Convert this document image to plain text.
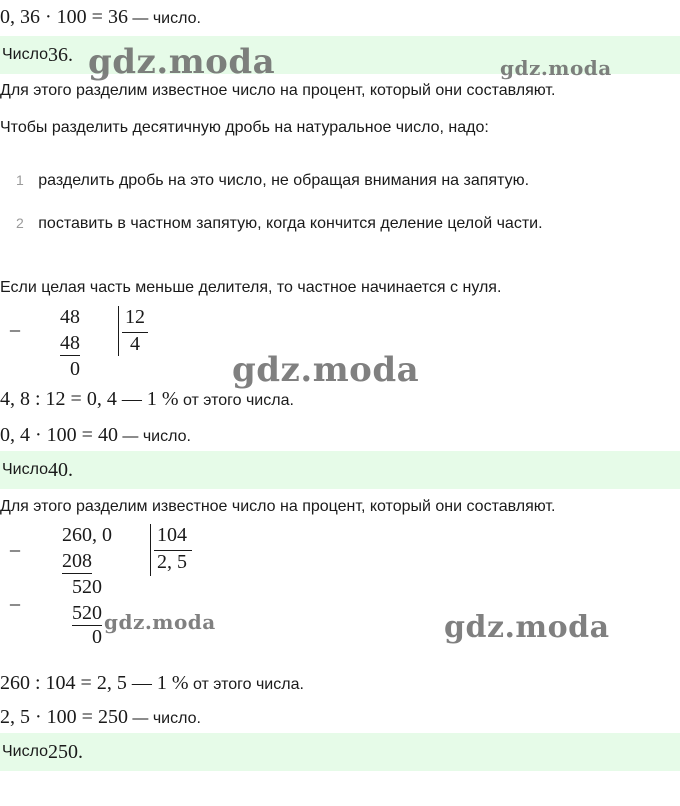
0, 36 · 100 = 36 — число.
Число 36.
Для этого разделим известное число на процент, который они составляют.
Чтобы разделить десятичную дробь на натуральное число, надо:
1 разделить дробь на это число, не обращая внимания на запятую.
2 поставить в частном запятую, когда кончится деление целой части.
Если целая часть меньше делителя, то частное начинается с нуля.
_ 48
48
0
12
4
4, 8 : 12 = 0, 4 — 1 % от этого числа.
0, 4 · 100 = 40 — число.
Число 40.
Для этого разделим известное число на процент, который они составляют.
_ 260, 0
208
520
_
520
0
104
2, 5
260 : 104 = 2, 5 — 1 % от этого числа.
2, 5 · 100 = 250 — число.
Число 250.
gdz.moda	gdz.moda
gdz.moda
gdz.moda	gdz.moda
